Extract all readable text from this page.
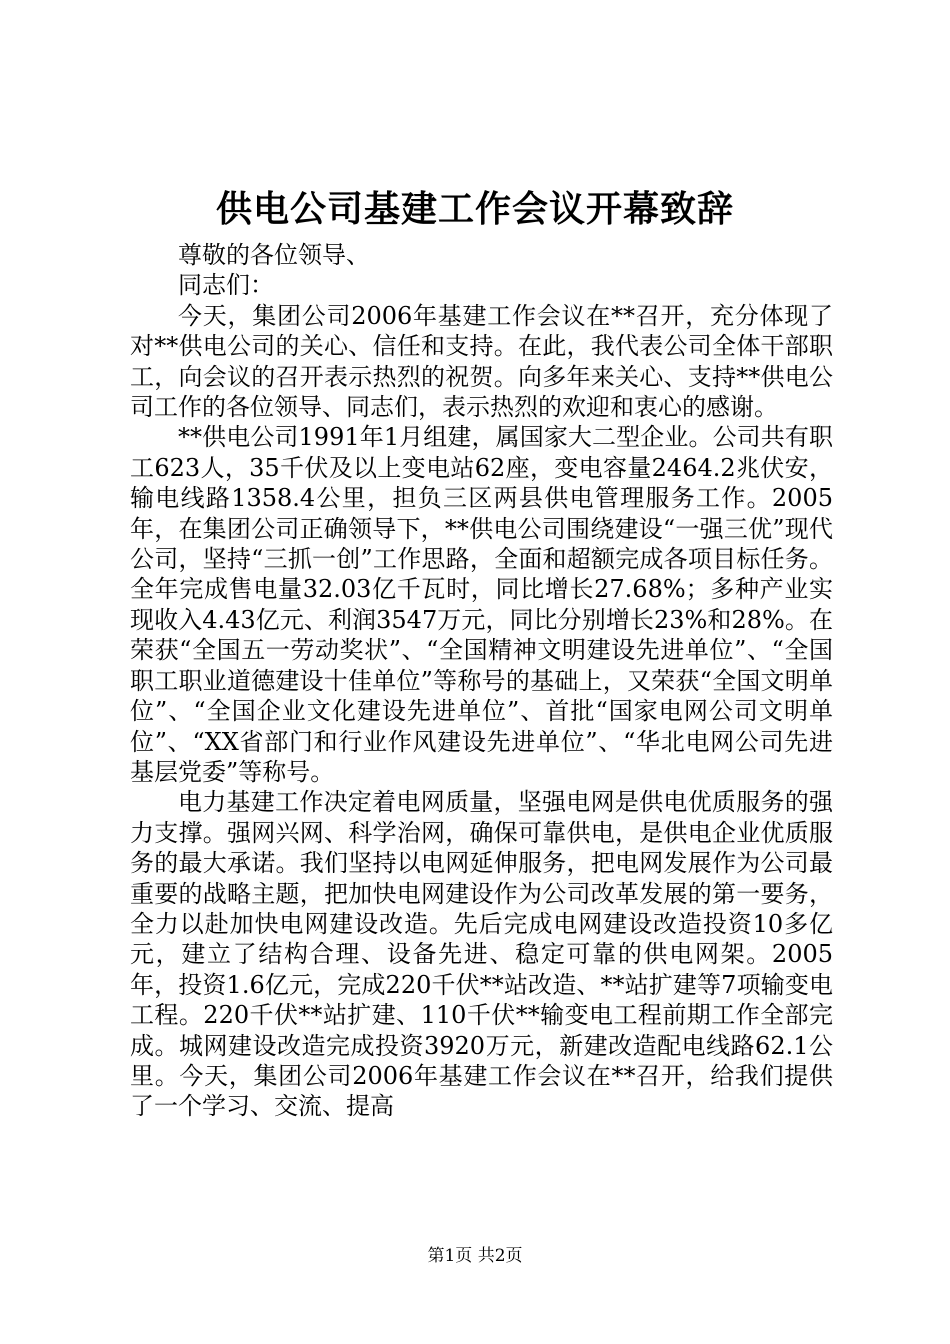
供电公司基建工作会议开幕致辞

尊敬的各位领导、

同志们：

今天，集团公司2006年基建工作会议在**召开，充分体现了对**供电公司的关心、信任和支持。在此，我代表公司全体干部职工，向会议的召开表示热烈的祝贺。向多年来关心、支持**供电公司工作的各位领导、同志们，表示热烈的欢迎和衷心的感谢。

**供电公司1991年1月组建，属国家大二型企业。公司共有职工623人，35千伏及以上变电站62座，变电容量2464.2兆伏安，输电线路1358.4公里，担负三区两县供电管理服务工作。2005年，在集团公司正确领导下，**供电公司围绕建设“一强三优”现代公司，坚持“三抓一创”工作思路，全面和超额完成各项目标任务。全年完成售电量32.03亿千瓦时，同比增长27.68%；多种产业实现收入4.43亿元、利润3547万元，同比分别增长23%和28%。在荣获“全国五一劳动奖状”、“全国精神文明建设先进单位”、“全国职工职业道德建设十佳单位”等称号的基础上，又荣获“全国文明单位”、“全国企业文化建设先进单位”、首批“国家电网公司文明单位”、“XX省部门和行业作风建设先进单位”、“华北电网公司先进基层党委”等称号。

电力基建工作决定着电网质量，坚强电网是供电优质服务的强力支撑。强网兴网、科学治网，确保可靠供电，是供电企业优质服务的最大承诺。我们坚持以电网延伸服务，把电网发展作为公司最重要的战略主题，把加快电网建设作为公司改革发展的第一要务，全力以赴加快电网建设改造。先后完成电网建设改造投资10多亿元，建立了结构合理、设备先进、稳定可靠的供电网架。2005年，投资1.6亿元，完成220千伏**站改造、**站扩建等7项输变电工程。220千伏**站扩建、110千伏**输变电工程前期工作全部完成。城网建设改造完成投资3920万元，新建改造配电线路62.1公里。今天，集团公司2006年基建工作会议在**召开，给我们提供了一个学习、交流、提高

第1页 共2页
